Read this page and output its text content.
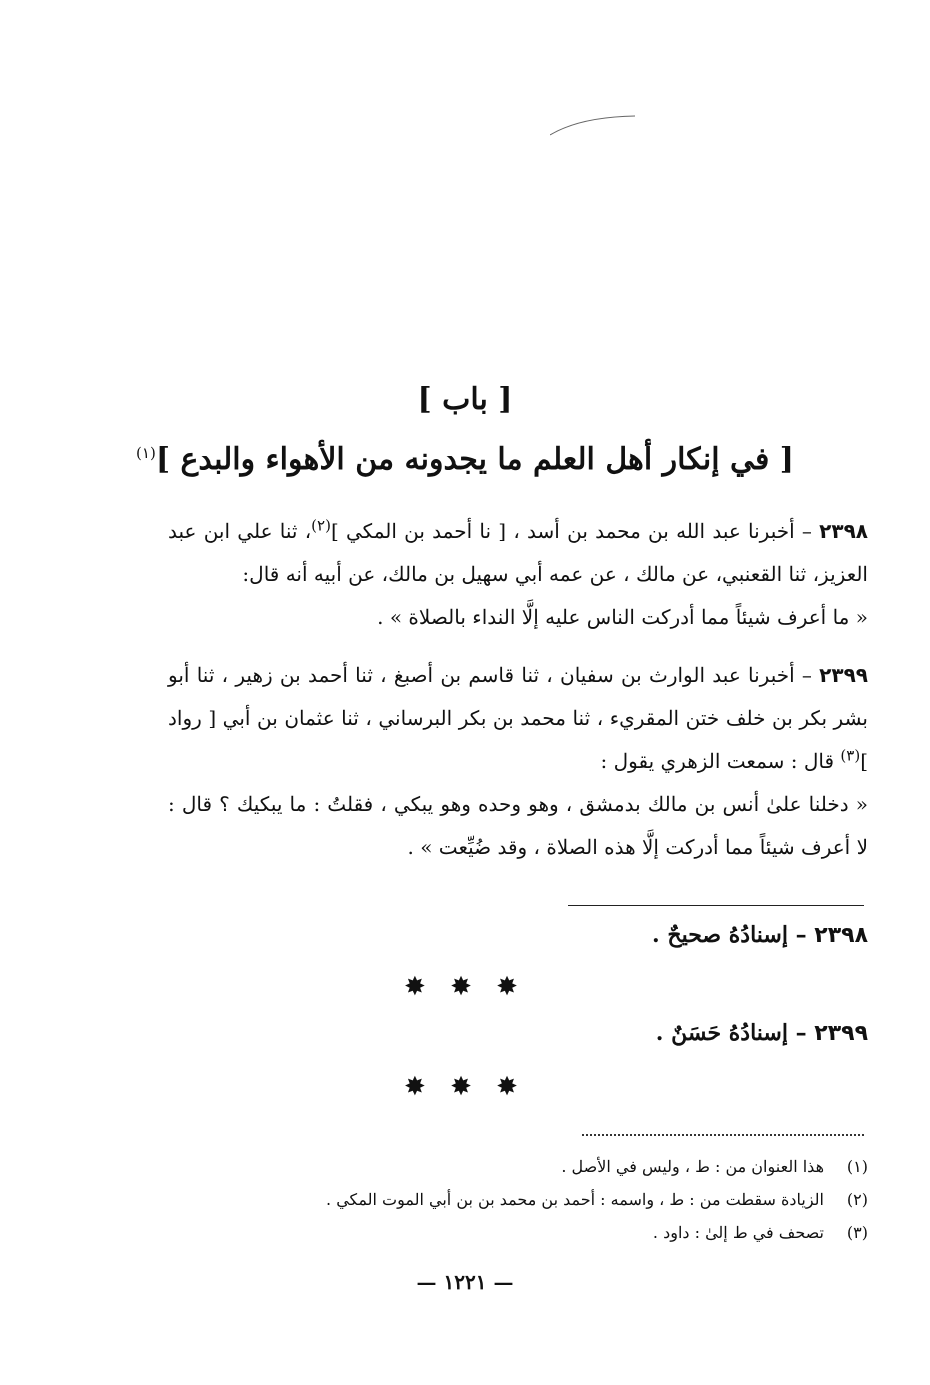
[ باب ]
[ في إنكار أهل العلم ما يجدونه من الأهواء والبدع ]$^{(١)}$
٢٣٩٨ – أخبرنا عبد الله بن محمد بن أسد ، [ نا أحمد بن المكي ]$^{(٢)}$، ثنا علي ابن عبد العزيز، ثنا القعنبي، عن مالك ، عن عمه أبي سهيل بن مالك، عن أبيه أنه قال:
« ما أعرف شيئاً مما أدركت الناس عليه إلَّا النداء بالصلاة » .
٢٣٩٩ – أخبرنا عبد الوارث بن سفيان ، ثنا قاسم بن أصبغ ، ثنا أحمد بن زهير ، ثنا أبو بشر بكر بن خلف ختن المقريء ، ثنا محمد بن بكر البرساني ، ثنا عثمان بن أبي [ رواد ]$^{(٣)}$ قال : سمعت الزهري يقول :
« دخلنا علىٰ أنس بن مالك بدمشق ، وهو وحده وهو يبكي ، فقلتُ : ما يبكيك ؟ قال : لا أعرف شيئاً مما أدركت إلَّا هذه الصلاة ، وقد ضُيِّعت » .
٢٣٩٨ – إسنادُهُ صحيحٌ .
✸ ✸ ✸
٢٣٩٩ – إسنادُهُ حَسَنٌ .
✸ ✸ ✸
(١)
هذا العنوان من : ط ، وليس في الأصل .
(٢)
الزيادة سقطت من : ط ، واسمه : أحمد بن محمد بن بن أبي الموت المكي .
(٣)
تصحف في ط إلىٰ : داود .
— ١٢٢١ —
